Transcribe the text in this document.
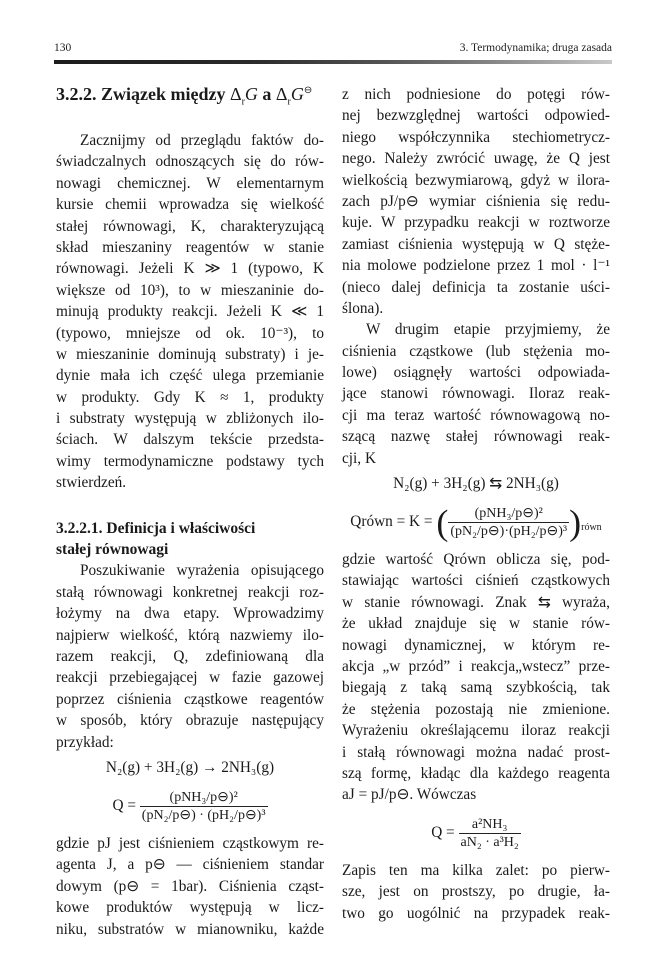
130	3. Termodynamika; druga zasada
3.2.2. Związek między $\Delta_rG$ a $\Delta_rG^⊖$
Zacznijmy od przeglądu faktów do-
świadczalnych odnoszących się do rów-
nowagi chemicznej. W elementarnym
kursie chemii wprowadza się wielkość
stałej równowagi, K, charakteryzującą
skład mieszaniny reagentów w stanie
równowagi. Jeżeli K ≫ 1 (typowo, K
większe od 10³), to w mieszaninie do-
minują produkty reakcji. Jeżeli K ≪ 1
(typowo, mniejsze od ok. 10⁻³), to
w mieszaninie dominują substraty) i je-
dynie mała ich część ulega przemianie
w produkty. Gdy K ≈ 1, produkty
i substraty występują w zbliżonych ilo-
ściach. W dalszym tekście przedsta-
wimy termodynamiczne podstawy tych
stwierdzeń.
3.2.2.1. Definicja i właściwości
stałej równowagi
Poszukiwanie wyrażenia opisującego
stałą równowagi konkretnej reakcji roz-
łożymy na dwa etapy. Wprowadzimy
najpierw wielkość, którą nazwiemy ilo-
razem reakcji, Q, zdefiniowaną dla
reakcji przebiegającej w fazie gazowej
poprzez ciśnienia cząstkowe reagentów
w sposób, który obrazuje następujący
przykład:
N₂(g) + 3H₂(g) → 2NH₃(g)
$Q = \frac{\text{(pNH₃/p⊖)²}}{\text{(pN₂/p⊖) · (pH₂/p⊖)³}}$
gdzie pJ jest ciśnieniem cząstkowym re-
agenta J, a p⊖ — ciśnieniem standar
dowym (p⊖ = 1bar). Ciśnienia cząst-
kowe produktów występują w licz-
niku, substratów w mianowniku, każde
z nich podniesione do potęgi rów-
nej bezwzględnej wartości odpowied-
niego współczynnika stechiometrycz-
nego. Należy zwrócić uwagę, że Q jest
wielkością bezwymiarową, gdyż w ilora-
zach pJ/p⊖ wymiar ciśnienia się redu-
kuje. W przypadku reakcji w roztworze
zamiast ciśnienia występują w Q stęże-
nia molowe podzielone przez 1 mol · l⁻¹
(nieco dalej definicja ta zostanie uści-
ślona).
W drugim etapie przyjmiemy, że
ciśnienia cząstkowe (lub stężenia mo-
lowe) osiągnęły wartości odpowiada-
jące stanowi równowagi. Iloraz reak-
cji ma teraz wartość równowagową no-
szącą nazwę stałej równowagi reak-
cji, K
N₂(g) + 3H₂(g) ⇆ 2NH₃(g)
Qrówn = K = ( $\frac{\text{(pNH₃/p⊖)²}}{\text{(pN₂/p⊖)·(pH₂/p⊖)³}} )_{równ}$
gdzie wartość Qrówn oblicza się, pod-
stawiając wartości ciśnień cząstkowych
w stanie równowagi. Znak ⇆ wyraża,
że układ znajduje się w stanie rów-
nowagi dynamicznej, w którym re-
akcja „w przód” i reakcja„wstecz” prze-
biegają z taką samą szybkością, tak
że stężenia pozostają nie zmienione.
Wyrażeniu określającemu iloraz reakcji
i stałą równowagi można nadać prost-
szą formę, kładąc dla każdego reagenta
aJ = pJ/p⊖. Wówczas
$Q = \frac{\text{a²NH₃}}{\text{aN₂ · a³H₂}}$
Zapis ten ma kilka zalet: po pierw-
sze, jest on prostszy, po drugie, ła-
two go uogólnić na przypadek reak-
